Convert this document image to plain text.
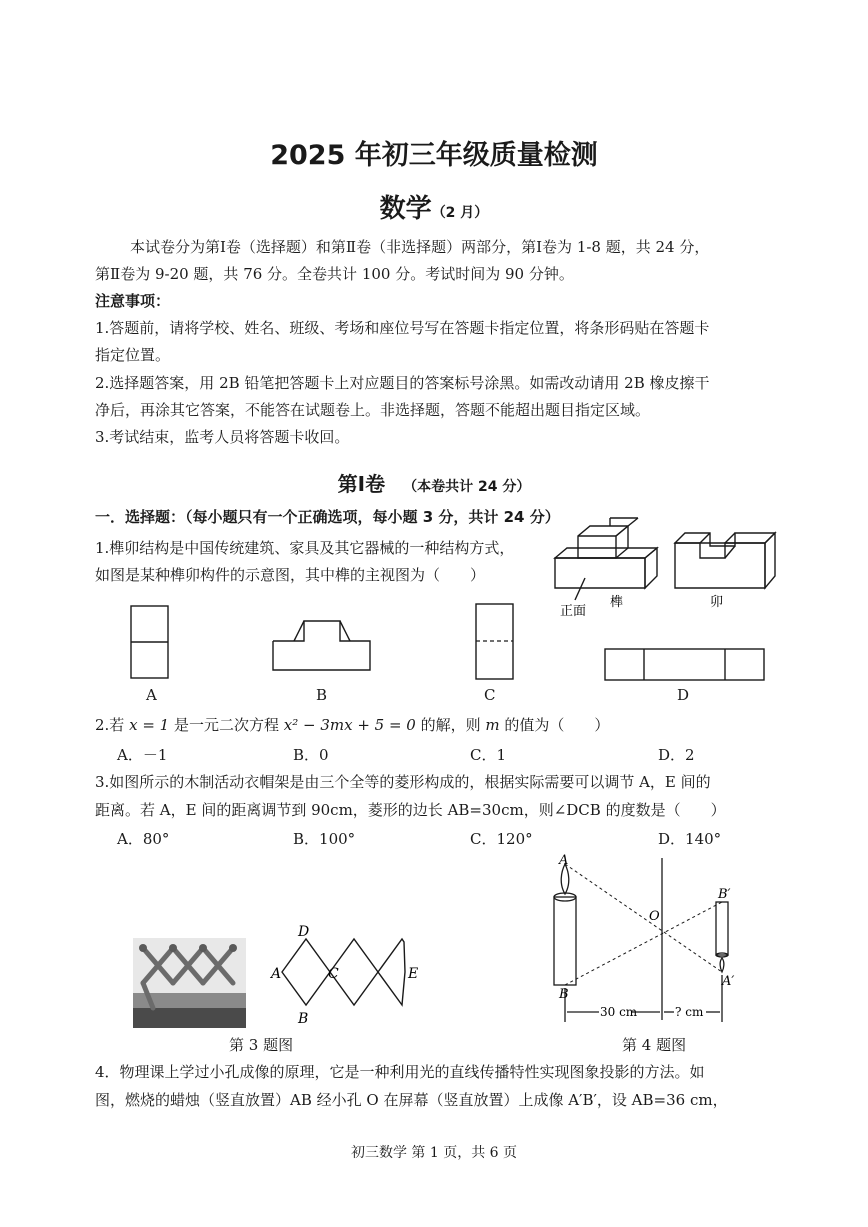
2025 年初三年级质量检测
数学（2 月）
本试卷分为第Ⅰ卷（选择题）和第Ⅱ卷（非选择题）两部分，第Ⅰ卷为 1-8 题，共 24 分，
第Ⅱ卷为 9-20 题，共 76 分。全卷共计 100 分。考试时间为 90 分钟。
注意事项：
1.答题前，请将学校、姓名、班级、考场和座位号写在答题卡指定位置，将条形码贴在答题卡
指定位置。
2.选择题答案，用 2B 铅笔把答题卡上对应题目的答案标号涂黑。如需改动请用 2B 橡皮擦干
净后，再涂其它答案，不能答在试题卷上。非选择题，答题不能超出题目指定区域。
3.考试结束，监考人员将答题卡收回。
第Ⅰ卷 （本卷共计 24 分）
一．选择题：（每小题只有一个正确选项，每小题 3 分，共计 24 分）
1.榫卯结构是中国传统建筑、家具及其它器械的一种结构方式，
如图是某种榫卯构件的示意图，其中榫的主视图为（　　）
正面
榫	卯
A	B	C	D
2.若 x = 1 是一元二次方程 x² − 3mx + 5 = 0 的解，则 m 的值为（　　）
A．－1	B．0	C．1	D．2
3.如图所示的木制活动衣帽架是由三个全等的菱形构成的，根据实际需要可以调节 A，E 间的
距离。若 A，E 间的距离调节到 90cm，菱形的边长 AB=30cm，则∠DCB 的度数是（　　）
A．80°	B．100°	C．120°	D．140°
D
A	C	E
B
第 3 题图
A
B
O
B′
A′
30 cm	? cm
第 4 题图
4．物理课上学过小孔成像的原理，它是一种利用光的直线传播特性实现图象投影的方法。如
图，燃烧的蜡烛（竖直放置）AB 经小孔 O 在屏幕（竖直放置）上成像 A′B′，设 AB=36 cm，
初三数学 第 1 页，共 6 页
